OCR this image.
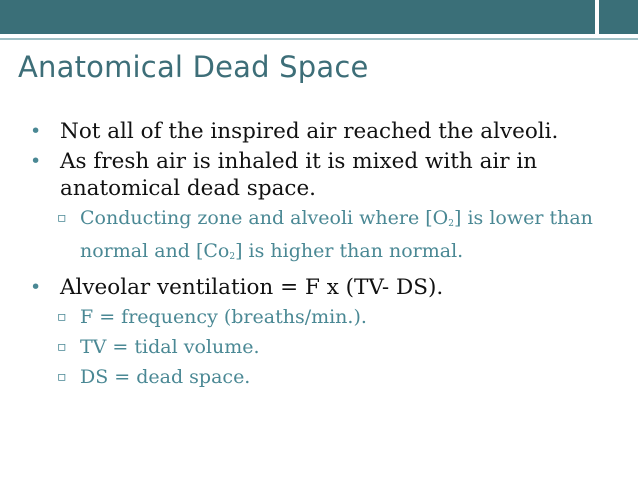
Anatomical Dead Space
• Not all of the inspired air reached the alveoli.
• As fresh air is inhaled it is mixed with air in anatomical dead space.
▫ Conducting zone and alveoli where $[O_2]$ is lower than normal and $[Co_2]$ is higher than normal.
• Alveolar ventilation = F x (TV- DS).
▫ F = frequency (breaths/min.).
▫ TV = tidal volume.
▫ DS = dead space.
